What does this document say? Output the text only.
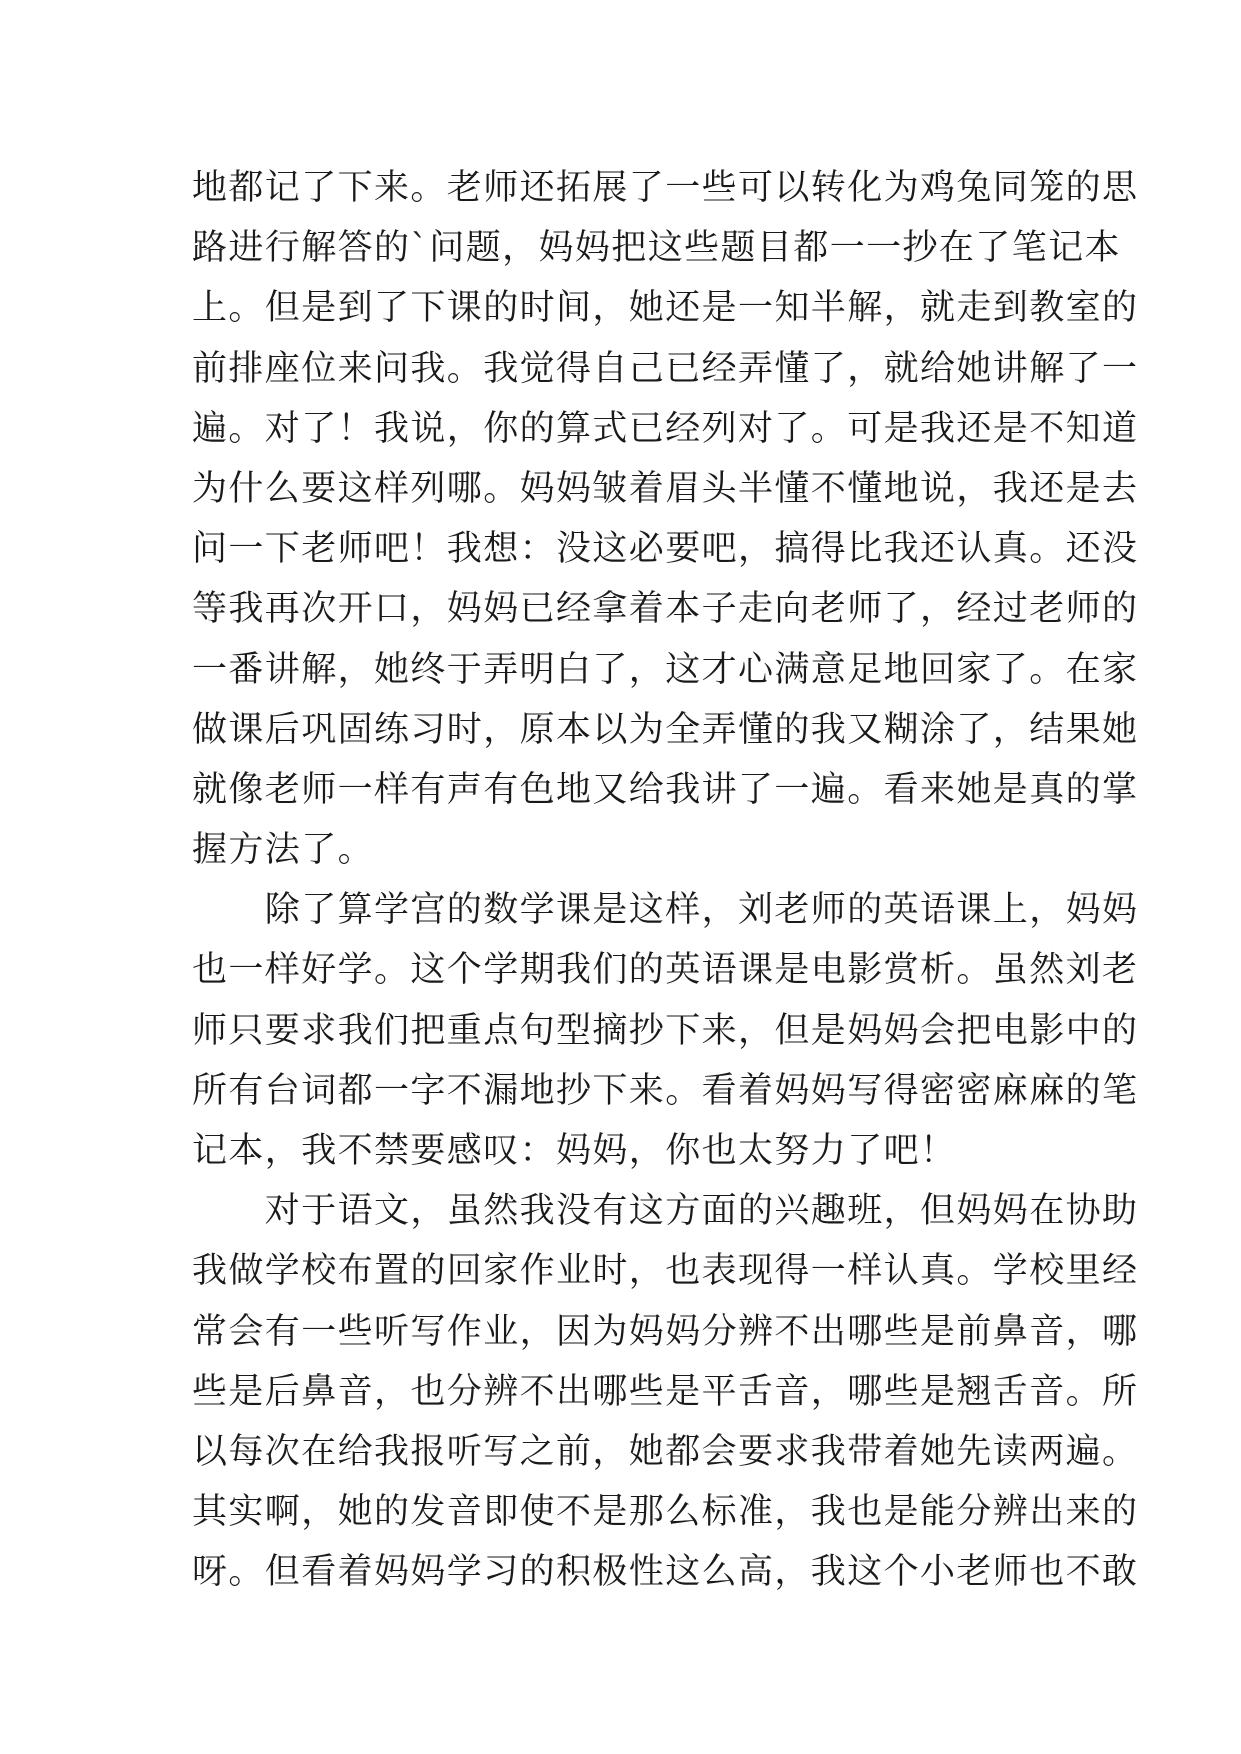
地都记了下来。老师还拓展了一些可以转化为鸡兔同笼的思
路进行解答的`问题，妈妈把这些题目都一一抄在了笔记本
上。但是到了下课的时间，她还是一知半解，就走到教室的
前排座位来问我。我觉得自己已经弄懂了，就给她讲解了一
遍。对了！我说，你的算式已经列对了。可是我还是不知道
为什么要这样列哪。妈妈皱着眉头半懂不懂地说，我还是去
问一下老师吧！我想：没这必要吧，搞得比我还认真。还没
等我再次开口，妈妈已经拿着本子走向老师了，经过老师的
一番讲解，她终于弄明白了，这才心满意足地回家了。在家
做课后巩固练习时，原本以为全弄懂的我又糊涂了，结果她
就像老师一样有声有色地又给我讲了一遍。看来她是真的掌
握方法了。
　　除了算学宫的数学课是这样，刘老师的英语课上，妈妈
也一样好学。这个学期我们的英语课是电影赏析。虽然刘老
师只要求我们把重点句型摘抄下来，但是妈妈会把电影中的
所有台词都一字不漏地抄下来。看着妈妈写得密密麻麻的笔
记本，我不禁要感叹：妈妈，你也太努力了吧！
　　对于语文，虽然我没有这方面的兴趣班，但妈妈在协助
我做学校布置的回家作业时，也表现得一样认真。学校里经
常会有一些听写作业，因为妈妈分辨不出哪些是前鼻音，哪
些是后鼻音，也分辨不出哪些是平舌音，哪些是翘舌音。所
以每次在给我报听写之前，她都会要求我带着她先读两遍。
其实啊，她的发音即使不是那么标准，我也是能分辨出来的
呀。但看着妈妈学习的积极性这么高，我这个小老师也不敢
